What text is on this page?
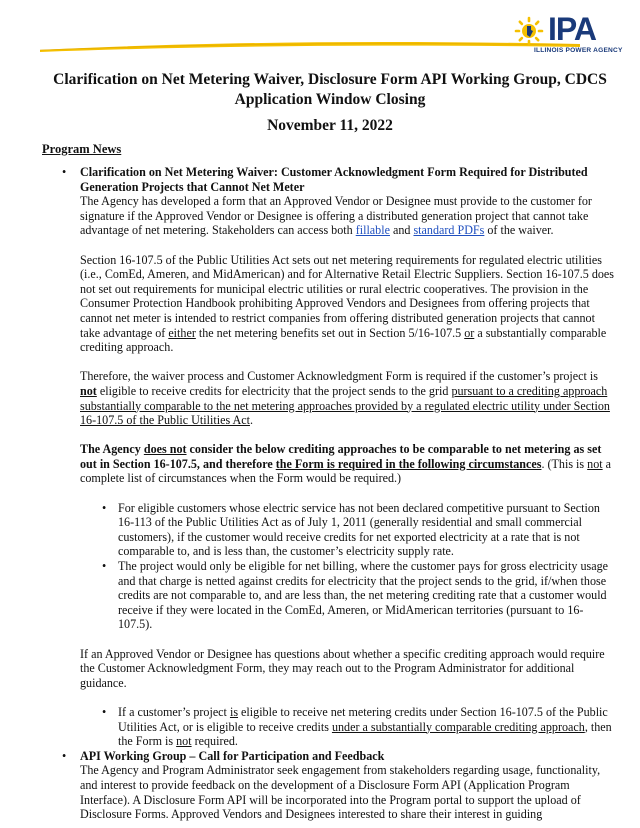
IPA
ILLINOIS POWER AGENCY
Clarification on Net Metering Waiver, Disclosure Form API Working Group, CDCS
Application Window Closing
November 11, 2022
Program News
• Clarification on Net Metering Waiver: Customer Acknowledgment Form Required for Distributed Generation Projects that Cannot Net Meter
The Agency has developed a form that an Approved Vendor or Designee must provide to the customer for signature if the Approved Vendor or Designee is offering a distributed generation project that cannot take advantage of net metering. Stakeholders can access both fillable and standard PDFs of the waiver.
Section 16-107.5 of the Public Utilities Act sets out net metering requirements for regulated electric utilities (i.e., ComEd, Ameren, and MidAmerican) and for Alternative Retail Electric Suppliers. Section 16-107.5 does not set out requirements for municipal electric utilities or rural electric cooperatives. The provision in the Consumer Protection Handbook prohibiting Approved Vendors and Designees from offering projects that cannot net meter is intended to restrict companies from offering distributed generation projects that cannot take advantage of either the net metering benefits set out in Section 5/16-107.5 or a substantially comparable crediting approach.
Therefore, the waiver process and Customer Acknowledgment Form is required if the customer’s project is not eligible to receive credits for electricity that the project sends to the grid pursuant to a crediting approach substantially comparable to the net metering approaches provided by a regulated electric utility under Section 16-107.5 of the Public Utilities Act.
The Agency does not consider the below crediting approaches to be comparable to net metering as set out in Section 16-107.5, and therefore the Form is required in the following circumstances. (This is not a complete list of circumstances when the Form would be required.)
• For eligible customers whose electric service has not been declared competitive pursuant to Section 16-113 of the Public Utilities Act as of July 1, 2011 (generally residential and small commercial customers), if the customer would receive credits for net exported electricity at a rate that is not comparable to, and is less than, the customer’s electricity supply rate.
• The project would only be eligible for net billing, where the customer pays for gross electricity usage and that charge is netted against credits for electricity that the project sends to the grid, if/when those credits are not comparable to, and are less than, the net metering crediting rate that a customer would receive if they were located in the ComEd, Ameren, or MidAmerican territories (pursuant to 16-107.5).
If an Approved Vendor or Designee has questions about whether a specific crediting approach would require the Customer Acknowledgment Form, they may reach out to the Program Administrator for additional guidance.
• If a customer’s project is eligible to receive net metering credits under Section 16-107.5 of the Public Utilities Act, or is eligible to receive credits under a substantially comparable crediting approach, then the Form is not required.
• API Working Group – Call for Participation and Feedback
The Agency and Program Administrator seek engagement from stakeholders regarding usage, functionality, and interest to provide feedback on the development of a Disclosure Form API (Application Program Interface). A Disclosure Form API will be incorporated into the Program portal to support the upload of Disclosure Forms. Approved Vendors and Designees interested to share their interest in guiding
